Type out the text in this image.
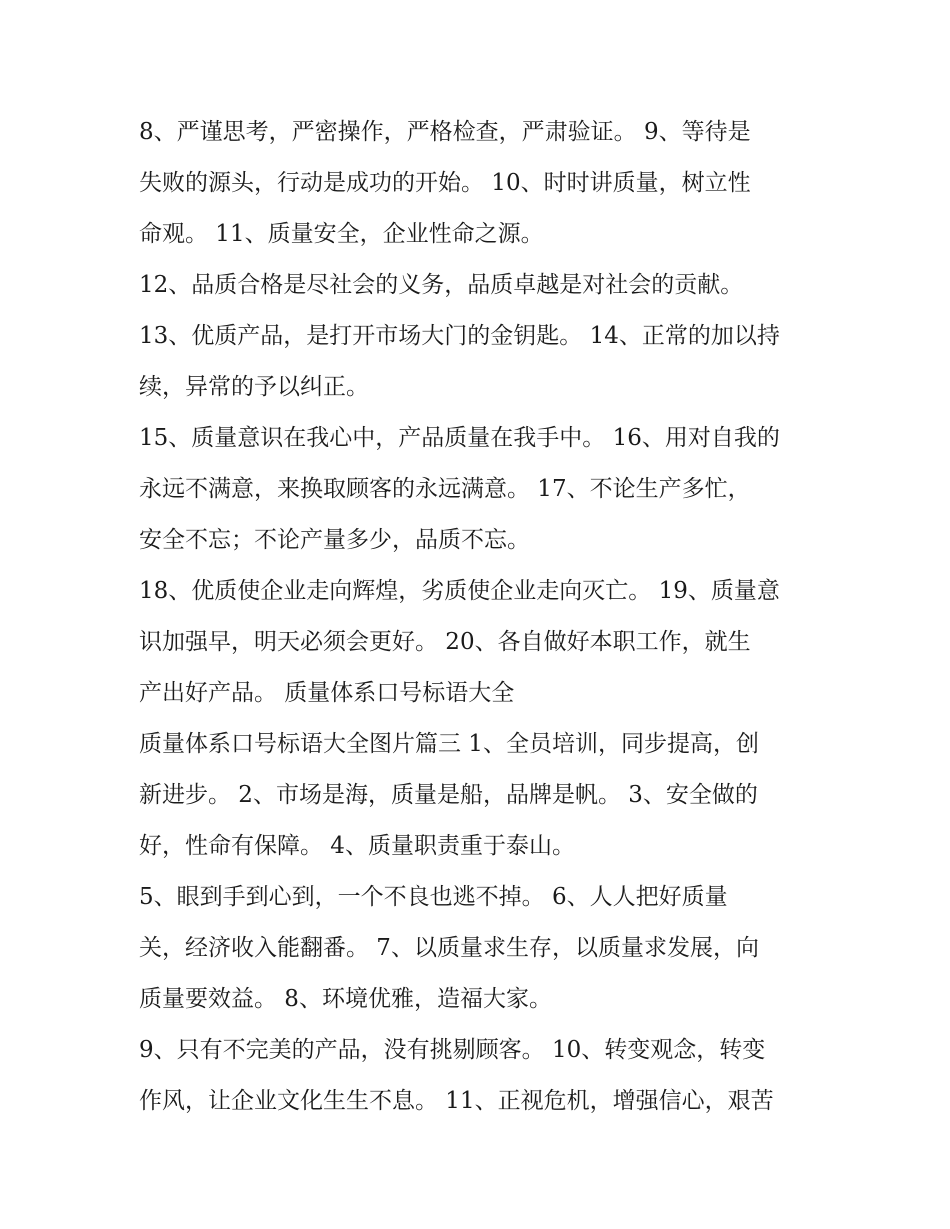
8、严谨思考，严密操作，严格检查，严肃验证。 9、等待是
失败的源头，行动是成功的开始。 10、时时讲质量，树立性
命观。 11、质量安全，企业性命之源。
12、品质合格是尽社会的义务，品质卓越是对社会的贡献。
13、优质产品，是打开市场大门的金钥匙。 14、正常的加以持
续，异常的予以纠正。
15、质量意识在我心中，产品质量在我手中。 16、用对自我的
永远不满意，来换取顾客的永远满意。 17、不论生产多忙，
安全不忘；不论产量多少，品质不忘。
18、优质使企业走向辉煌，劣质使企业走向灭亡。 19、质量意
识加强早，明天必须会更好。 20、各自做好本职工作，就生
产出好产品。 质量体系口号标语大全
质量体系口号标语大全图片篇三 1、全员培训，同步提高，创
新进步。 2、市场是海，质量是船，品牌是帆。 3、安全做的
好，性命有保障。 4、质量职责重于泰山。
5、眼到手到心到，一个不良也逃不掉。 6、人人把好质量
关，经济收入能翻番。 7、以质量求生存，以质量求发展，向
质量要效益。 8、环境优雅，造福大家。
9、只有不完美的产品，没有挑剔顾客。 10、转变观念，转变
作风，让企业文化生生不息。 11、正视危机，增强信心，艰苦
